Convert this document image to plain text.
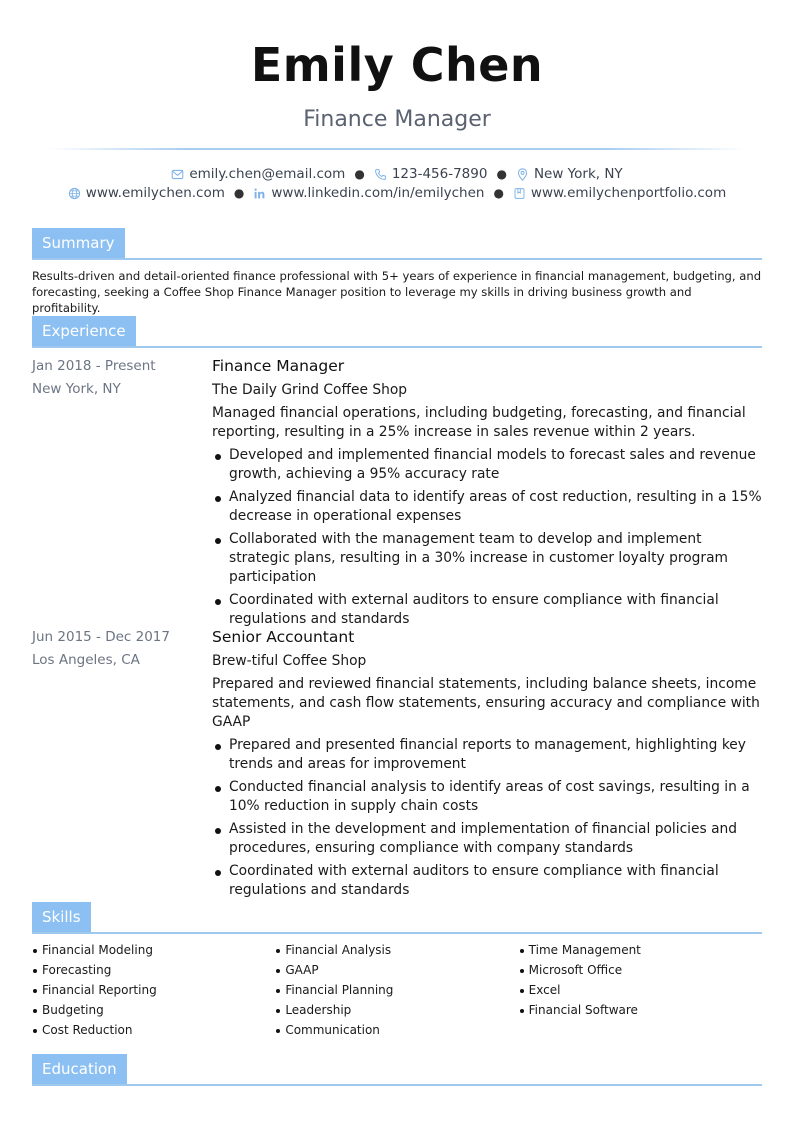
Emily Chen
Finance Manager
emily.chen@email.com ● 123-456-7890 ● New York, NY
www.emilychen.com ● www.linkedin.com/in/emilychen ● www.emilychenportfolio.com
Summary
Results-driven and detail-oriented finance professional with 5+ years of experience in financial management, budgeting, and forecasting, seeking a Coffee Shop Finance Manager position to leverage my skills in driving business growth and profitability.
Experience
Jan 2018 - Present
New York, NY
Finance Manager
The Daily Grind Coffee Shop
Managed financial operations, including budgeting, forecasting, and financial reporting, resulting in a 25% increase in sales revenue within 2 years.
Developed and implemented financial models to forecast sales and revenue growth, achieving a 95% accuracy rate
Analyzed financial data to identify areas of cost reduction, resulting in a 15% decrease in operational expenses
Collaborated with the management team to develop and implement strategic plans, resulting in a 30% increase in customer loyalty program participation
Coordinated with external auditors to ensure compliance with financial regulations and standards
Jun 2015 - Dec 2017
Los Angeles, CA
Senior Accountant
Brew-tiful Coffee Shop
Prepared and reviewed financial statements, including balance sheets, income statements, and cash flow statements, ensuring accuracy and compliance with GAAP
Prepared and presented financial reports to management, highlighting key trends and areas for improvement
Conducted financial analysis to identify areas of cost savings, resulting in a 10% reduction in supply chain costs
Assisted in the development and implementation of financial policies and procedures, ensuring compliance with company standards
Coordinated with external auditors to ensure compliance with financial regulations and standards
Skills
Financial Modeling
Forecasting
Financial Reporting
Budgeting
Cost Reduction
Financial Analysis
GAAP
Financial Planning
Leadership
Communication
Time Management
Microsoft Office
Excel
Financial Software
Education
